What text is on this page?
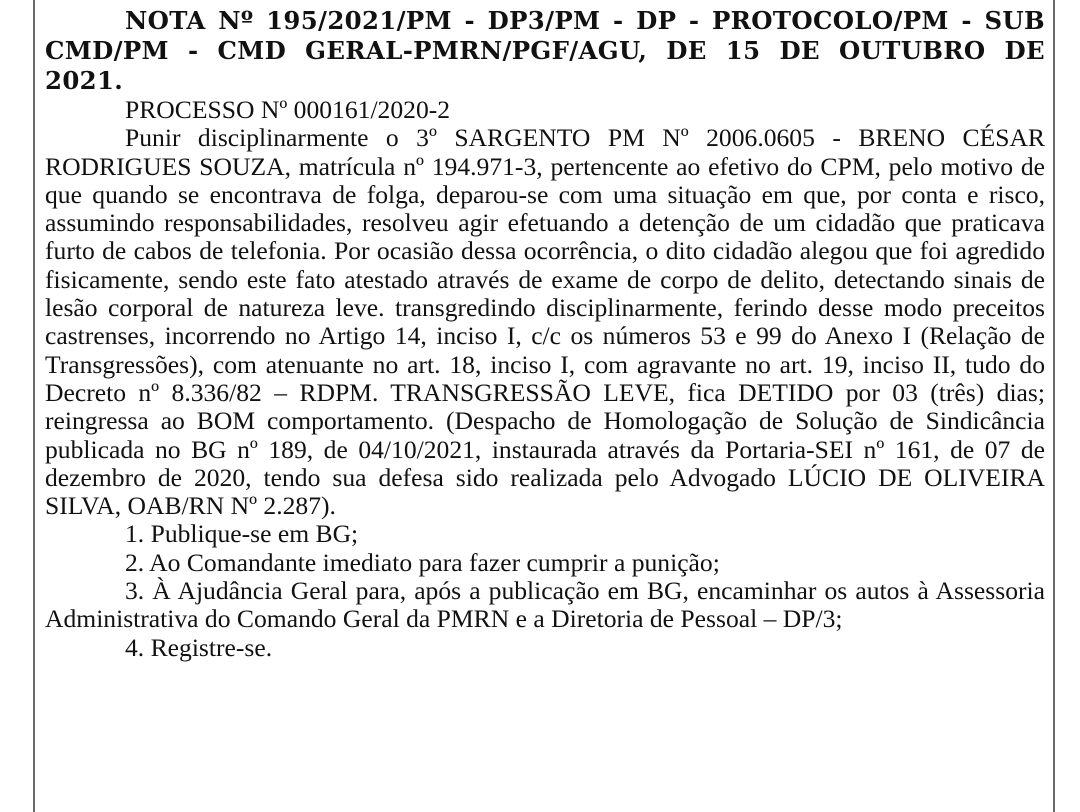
NOTA Nº 195/2021/PM - DP3/PM - DP - PROTOCOLO/PM - SUB CMD/PM - CMD GERAL-PMRN/PGF/AGU, DE 15 DE OUTUBRO DE 2021.

PROCESSO Nº 000161/2020-2

Punir disciplinarmente o 3º SARGENTO PM Nº 2006.0605 - BRENO CÉSAR RODRIGUES SOUZA, matrícula nº 194.971-3, pertencente ao efetivo do CPM, pelo motivo de que quando se encontrava de folga, deparou-se com uma situação em que, por conta e risco, assumindo responsabilidades, resolveu agir efetuando a detenção de um cidadão que praticava furto de cabos de telefonia. Por ocasião dessa ocorrência, o dito cidadão alegou que foi agredido fisicamente, sendo este fato atestado através de exame de corpo de delito, detectando sinais de lesão corporal de natureza leve. transgredindo disciplinarmente, ferindo desse modo preceitos castrenses, incorrendo no Artigo 14, inciso I, c/c os números 53 e 99 do Anexo I (Relação de Transgressões), com atenuante no art. 18, inciso I, com agravante no art. 19, inciso II, tudo do Decreto nº 8.336/82 – RDPM. TRANSGRESSÃO LEVE, fica DETIDO por 03 (três) dias; reingressa ao BOM comportamento. (Despacho de Homologação de Solução de Sindicância publicada no BG nº 189, de 04/10/2021, instaurada através da Portaria-SEI nº 161, de 07 de dezembro de 2020, tendo sua defesa sido realizada pelo Advogado LÚCIO DE OLIVEIRA SILVA, OAB/RN Nº 2.287).

1. Publique-se em BG;

2. Ao Comandante imediato para fazer cumprir a punição;

3. À Ajudância Geral para, após a publicação em BG, encaminhar os autos à Assessoria Administrativa do Comando Geral da PMRN e a Diretoria de Pessoal – DP/3;

4. Registre-se.
